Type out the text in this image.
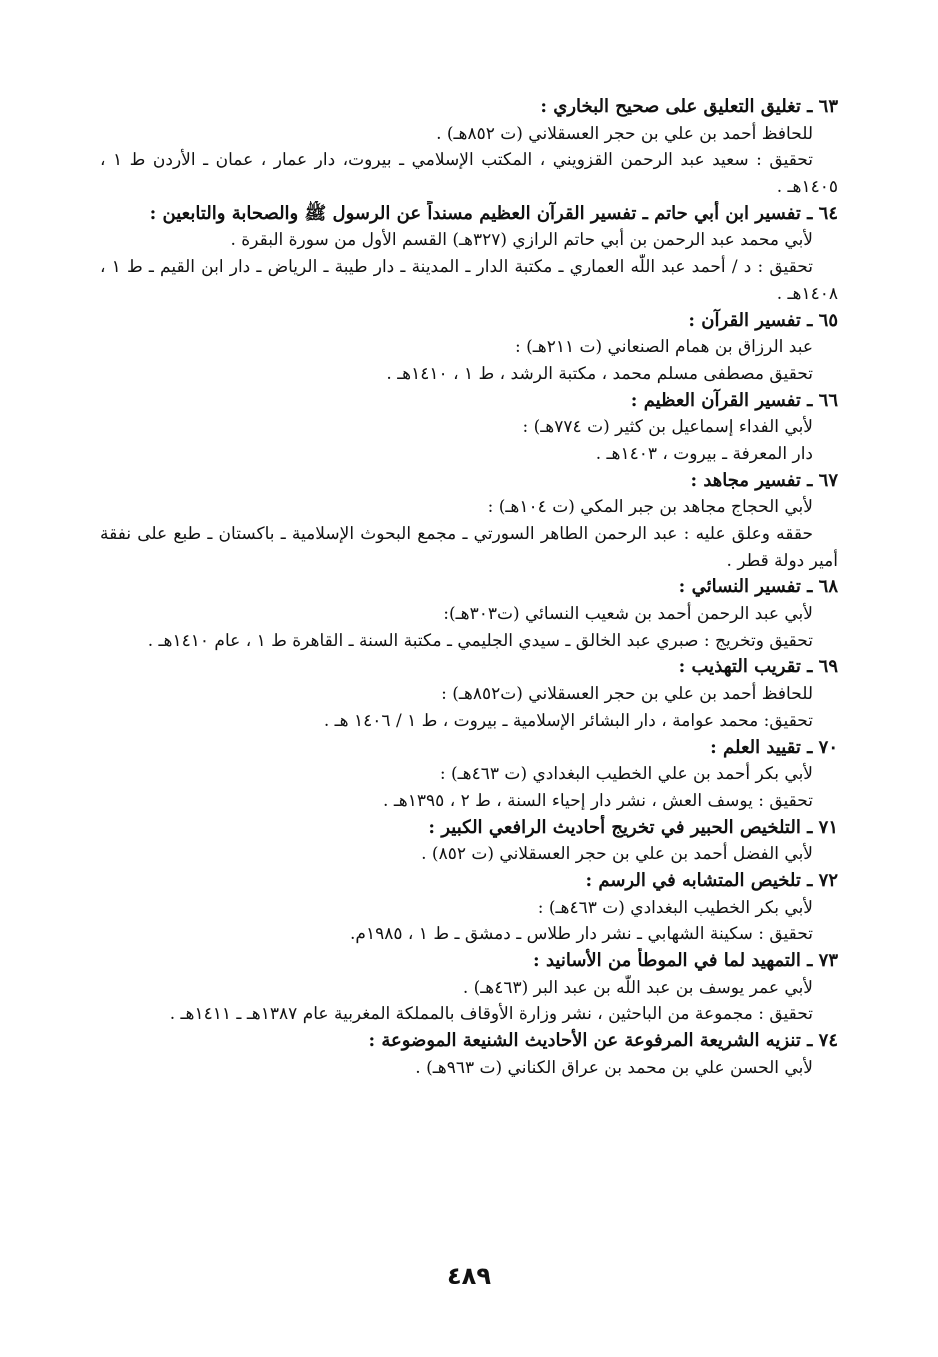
٦٣ ـ تغليق التعليق على صحيح البخاري :
للحافظ أحمد بن علي بن حجر العسقلاني (ت ٨٥٢هـ) .
تحقيق : سعيد عبد الرحمن القزويني ، المكتب الإسلامي ـ بيروت، دار عمار ، عمان ـ الأردن ط ١ ،
١٤٠٥هـ .
٦٤ ـ تفسير ابن أبي حاتم ـ تفسير القرآن العظيم مسنداً عن الرسول ﷺ والصحابة والتابعين :
لأبي محمد عبد الرحمن بن أبي حاتم الرازي (٣٢٧هـ) القسم الأول من سورة البقرة .
تحقيق : د / أحمد عبد اللّٰه العماري ـ مكتبة الدار ـ المدينة ـ دار طيبة ـ الرياض ـ دار ابن القيم ـ ط ١ ،
١٤٠٨هـ .
٦٥ ـ تفسير القرآن :
عبد الرزاق بن همام الصنعاني (ت ٢١١هـ) :
تحقيق مصطفى مسلم محمد ، مكتبة الرشد ، ط ١ ، ١٤١٠هـ .
٦٦ ـ تفسير القرآن العظيم :
لأبي الفداء إسماعيل بن كثير (ت ٧٧٤هـ) :
دار المعرفة ـ بيروت ، ١٤٠٣هـ .
٦٧ ـ تفسير مجاهد :
لأبي الحجاج مجاهد بن جبر المكي (ت ١٠٤هـ) :
حققه وعلق عليه : عبد الرحمن الطاهر السورتي ـ مجمع البحوث الإسلامية ـ باكستان ـ طبع على نفقة
أمير دولة قطر .
٦٨ ـ تفسير النسائي :
لأبي عبد الرحمن أحمد بن شعيب النسائي (ت٣٠٣هـ):
تحقيق وتخريج : صبري عبد الخالق ـ سيدي الجليمي ـ مكتبة السنة ـ القاهرة ط ١ ، عام ١٤١٠هـ .
٦٩ ـ تقريب التهذيب :
للحافظ أحمد بن علي بن حجر العسقلاني (ت٨٥٢هـ) :
تحقيق: محمد عوامة ، دار البشائر الإسلامية ـ بيروت ، ط ١ / ١٤٠٦ هـ .
٧٠ ـ تقييد العلم :
لأبي بكر أحمد بن علي الخطيب البغدادي (ت ٤٦٣هـ) :
تحقيق : يوسف العش ، نشر دار إحياء السنة ، ط ٢ ، ١٣٩٥هـ .
٧١ ـ التلخيص الحبير في تخريج أحاديث الرافعي الكبير :
لأبي الفضل أحمد بن علي بن حجر العسقلاني (ت ٨٥٢) .
٧٢ ـ تلخيص المتشابه في الرسم :
لأبي بكر الخطيب البغدادي (ت ٤٦٣هـ) :
تحقيق : سكينة الشهابي ـ نشر دار طلاس ـ دمشق ـ ط ١ ، ١٩٨٥م.
٧٣ ـ التمهيد لما في الموطأ من الأسانيد :
لأبي عمر يوسف بن عبد اللّٰه بن عبد البر (٤٦٣هـ) .
تحقيق : مجموعة من الباحثين ، نشر وزارة الأوقاف بالمملكة المغربية عام ١٣٨٧هـ ـ ١٤١١هـ .
٧٤ ـ تنزيه الشريعة المرفوعة عن الأحاديث الشنيعة الموضوعة :
لأبي الحسن علي بن محمد بن عراق الكناني (ت ٩٦٣هـ) .
٤٨٩
